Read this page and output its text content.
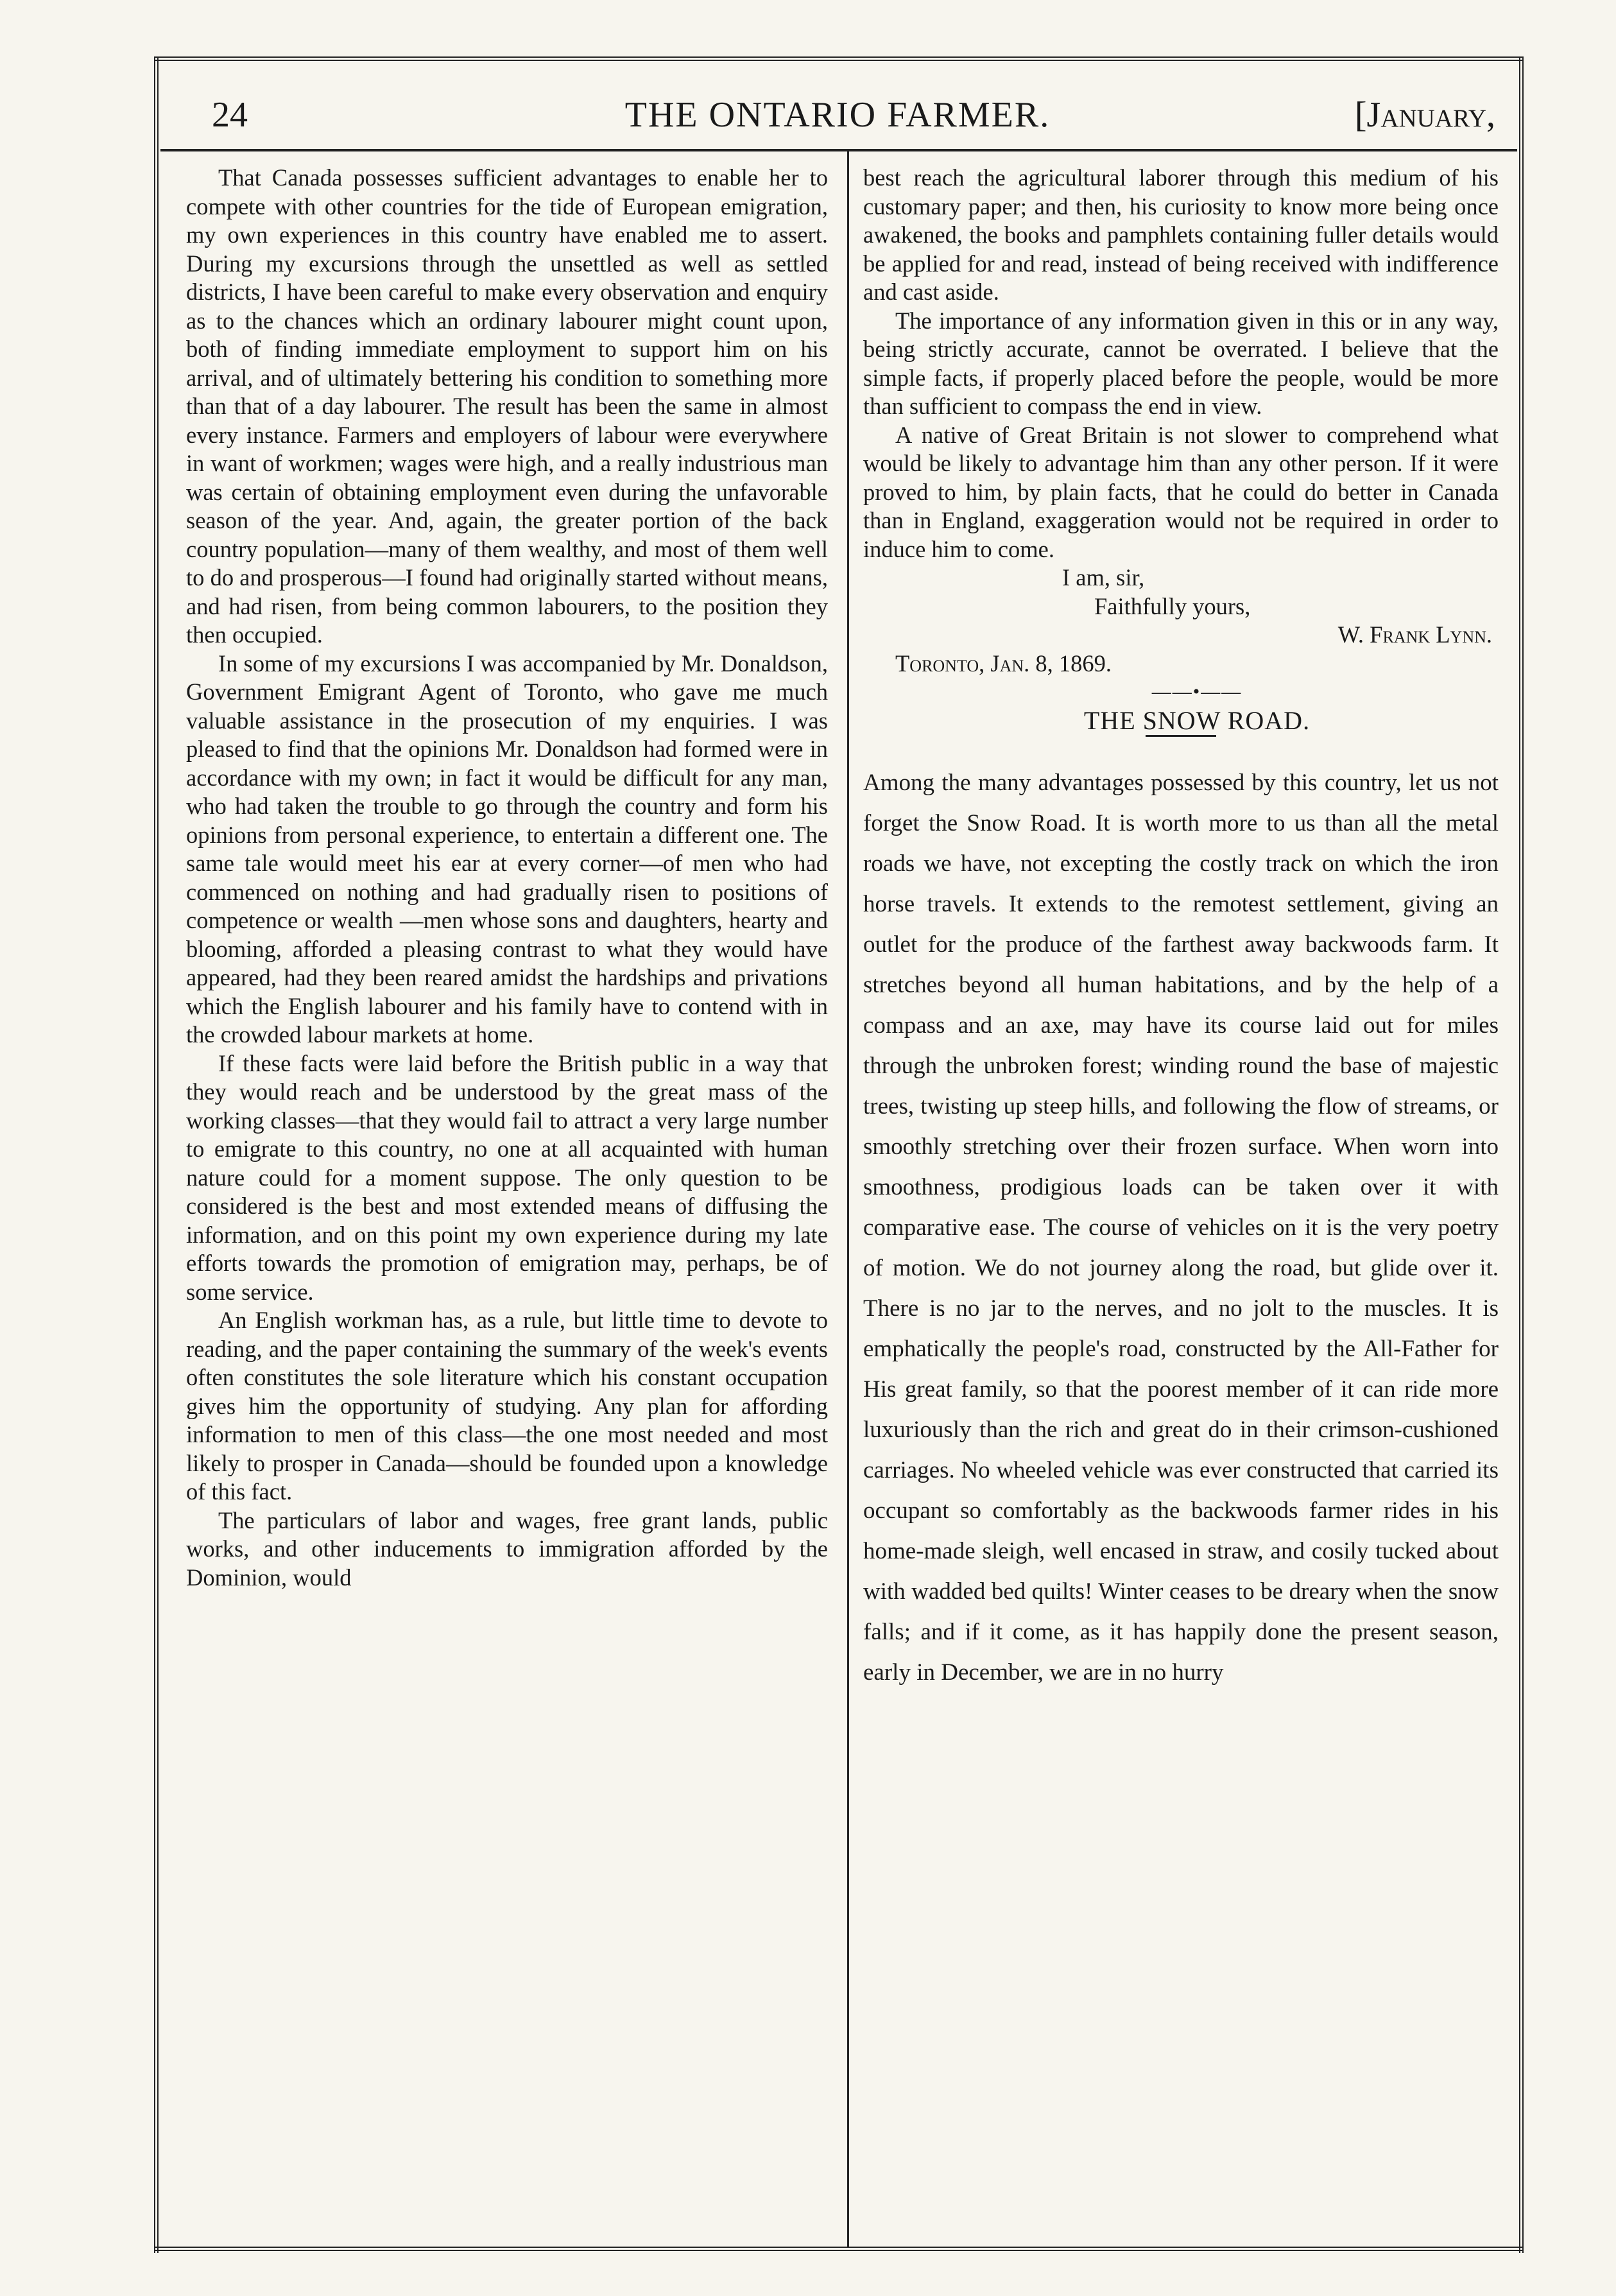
24	THE ONTARIO FARMER.	[January,

That Canada possesses sufficient advantages to enable her to compete with other countries for the tide of European emigration, my own experiences in this country have enabled me to assert. During my excursions through the unsettled as well as settled districts, I have been careful to make every observation and enquiry as to the chances which an ordinary labourer might count upon, both of finding immediate employment to support him on his arrival, and of ultimately bettering his condition to something more than that of a day labourer. The result has been the same in almost every instance. Farmers and employers of labour were everywhere in want of workmen; wages were high, and a really industrious man was certain of obtaining employment even during the unfavorable season of the year. And, again, the greater portion of the back country population—many of them wealthy, and most of them well to do and prosperous—I found had originally started without means, and had risen, from being common labourers, to the position they then occupied.

In some of my excursions I was accompanied by Mr. Donaldson, Government Emigrant Agent of Toronto, who gave me much valuable assistance in the prosecution of my enquiries. I was pleased to find that the opinions Mr. Donaldson had formed were in accordance with my own; in fact it would be difficult for any man, who had taken the trouble to go through the country and form his opinions from personal experience, to entertain a different one. The same tale would meet his ear at every corner—of men who had commenced on nothing and had gradually risen to positions of competence or wealth —men whose sons and daughters, hearty and blooming, afforded a pleasing contrast to what they would have appeared, had they been reared amidst the hardships and privations which the English labourer and his family have to contend with in the crowded labour markets at home.

If these facts were laid before the British public in a way that they would reach and be understood by the great mass of the working classes—that they would fail to attract a very large number to emigrate to this country, no one at all acquainted with human nature could for a moment suppose. The only question to be considered is the best and most extended means of diffusing the information, and on this point my own experience during my late efforts towards the promotion of emigration may, perhaps, be of some service.

An English workman has, as a rule, but little time to devote to reading, and the paper containing the summary of the week's events often constitutes the sole literature which his constant occupation gives him the opportunity of studying. Any plan for affording information to men of this class—the one most needed and most likely to prosper in Canada—should be founded upon a knowledge of this fact.

The particulars of labor and wages, free grant lands, public works, and other inducements to immigration afforded by the Dominion, would

best reach the agricultural laborer through this medium of his customary paper; and then, his curiosity to know more being once awakened, the books and pamphlets containing fuller details would be applied for and read, instead of being received with indifference and cast aside.

The importance of any information given in this or in any way, being strictly accurate, cannot be overrated. I believe that the simple facts, if properly placed before the people, would be more than sufficient to compass the end in view.

A native of Great Britain is not slower to comprehend what would be likely to advantage him than any other person. If it were proved to him, by plain facts, that he could do better in Canada than in England, exaggeration would not be required in order to induce him to come.

I am, sir,

Faithfully yours,

W. Frank Lynn.

Toronto, Jan. 8, 1869.

——•——

THE SNOW ROAD.

Among the many advantages possessed by this country, let us not forget the Snow Road. It is worth more to us than all the metal roads we have, not excepting the costly track on which the iron horse travels. It extends to the remotest settlement, giving an outlet for the produce of the farthest away backwoods farm. It stretches beyond all human habitations, and by the help of a compass and an axe, may have its course laid out for miles through the unbroken forest; winding round the base of majestic trees, twisting up steep hills, and following the flow of streams, or smoothly stretching over their frozen surface. When worn into smoothness, prodigious loads can be taken over it with comparative ease. The course of vehicles on it is the very poetry of motion. We do not journey along the road, but glide over it. There is no jar to the nerves, and no jolt to the muscles. It is emphatically the people's road, constructed by the All-Father for His great family, so that the poorest member of it can ride more luxuriously than the rich and great do in their crimson-cushioned carriages. No wheeled vehicle was ever constructed that carried its occupant so comfortably as the backwoods farmer rides in his home-made sleigh, well encased in straw, and cosily tucked about with wadded bed quilts! Winter ceases to be dreary when the snow falls; and if it come, as it has happily done the present season, early in December, we are in no hurry
